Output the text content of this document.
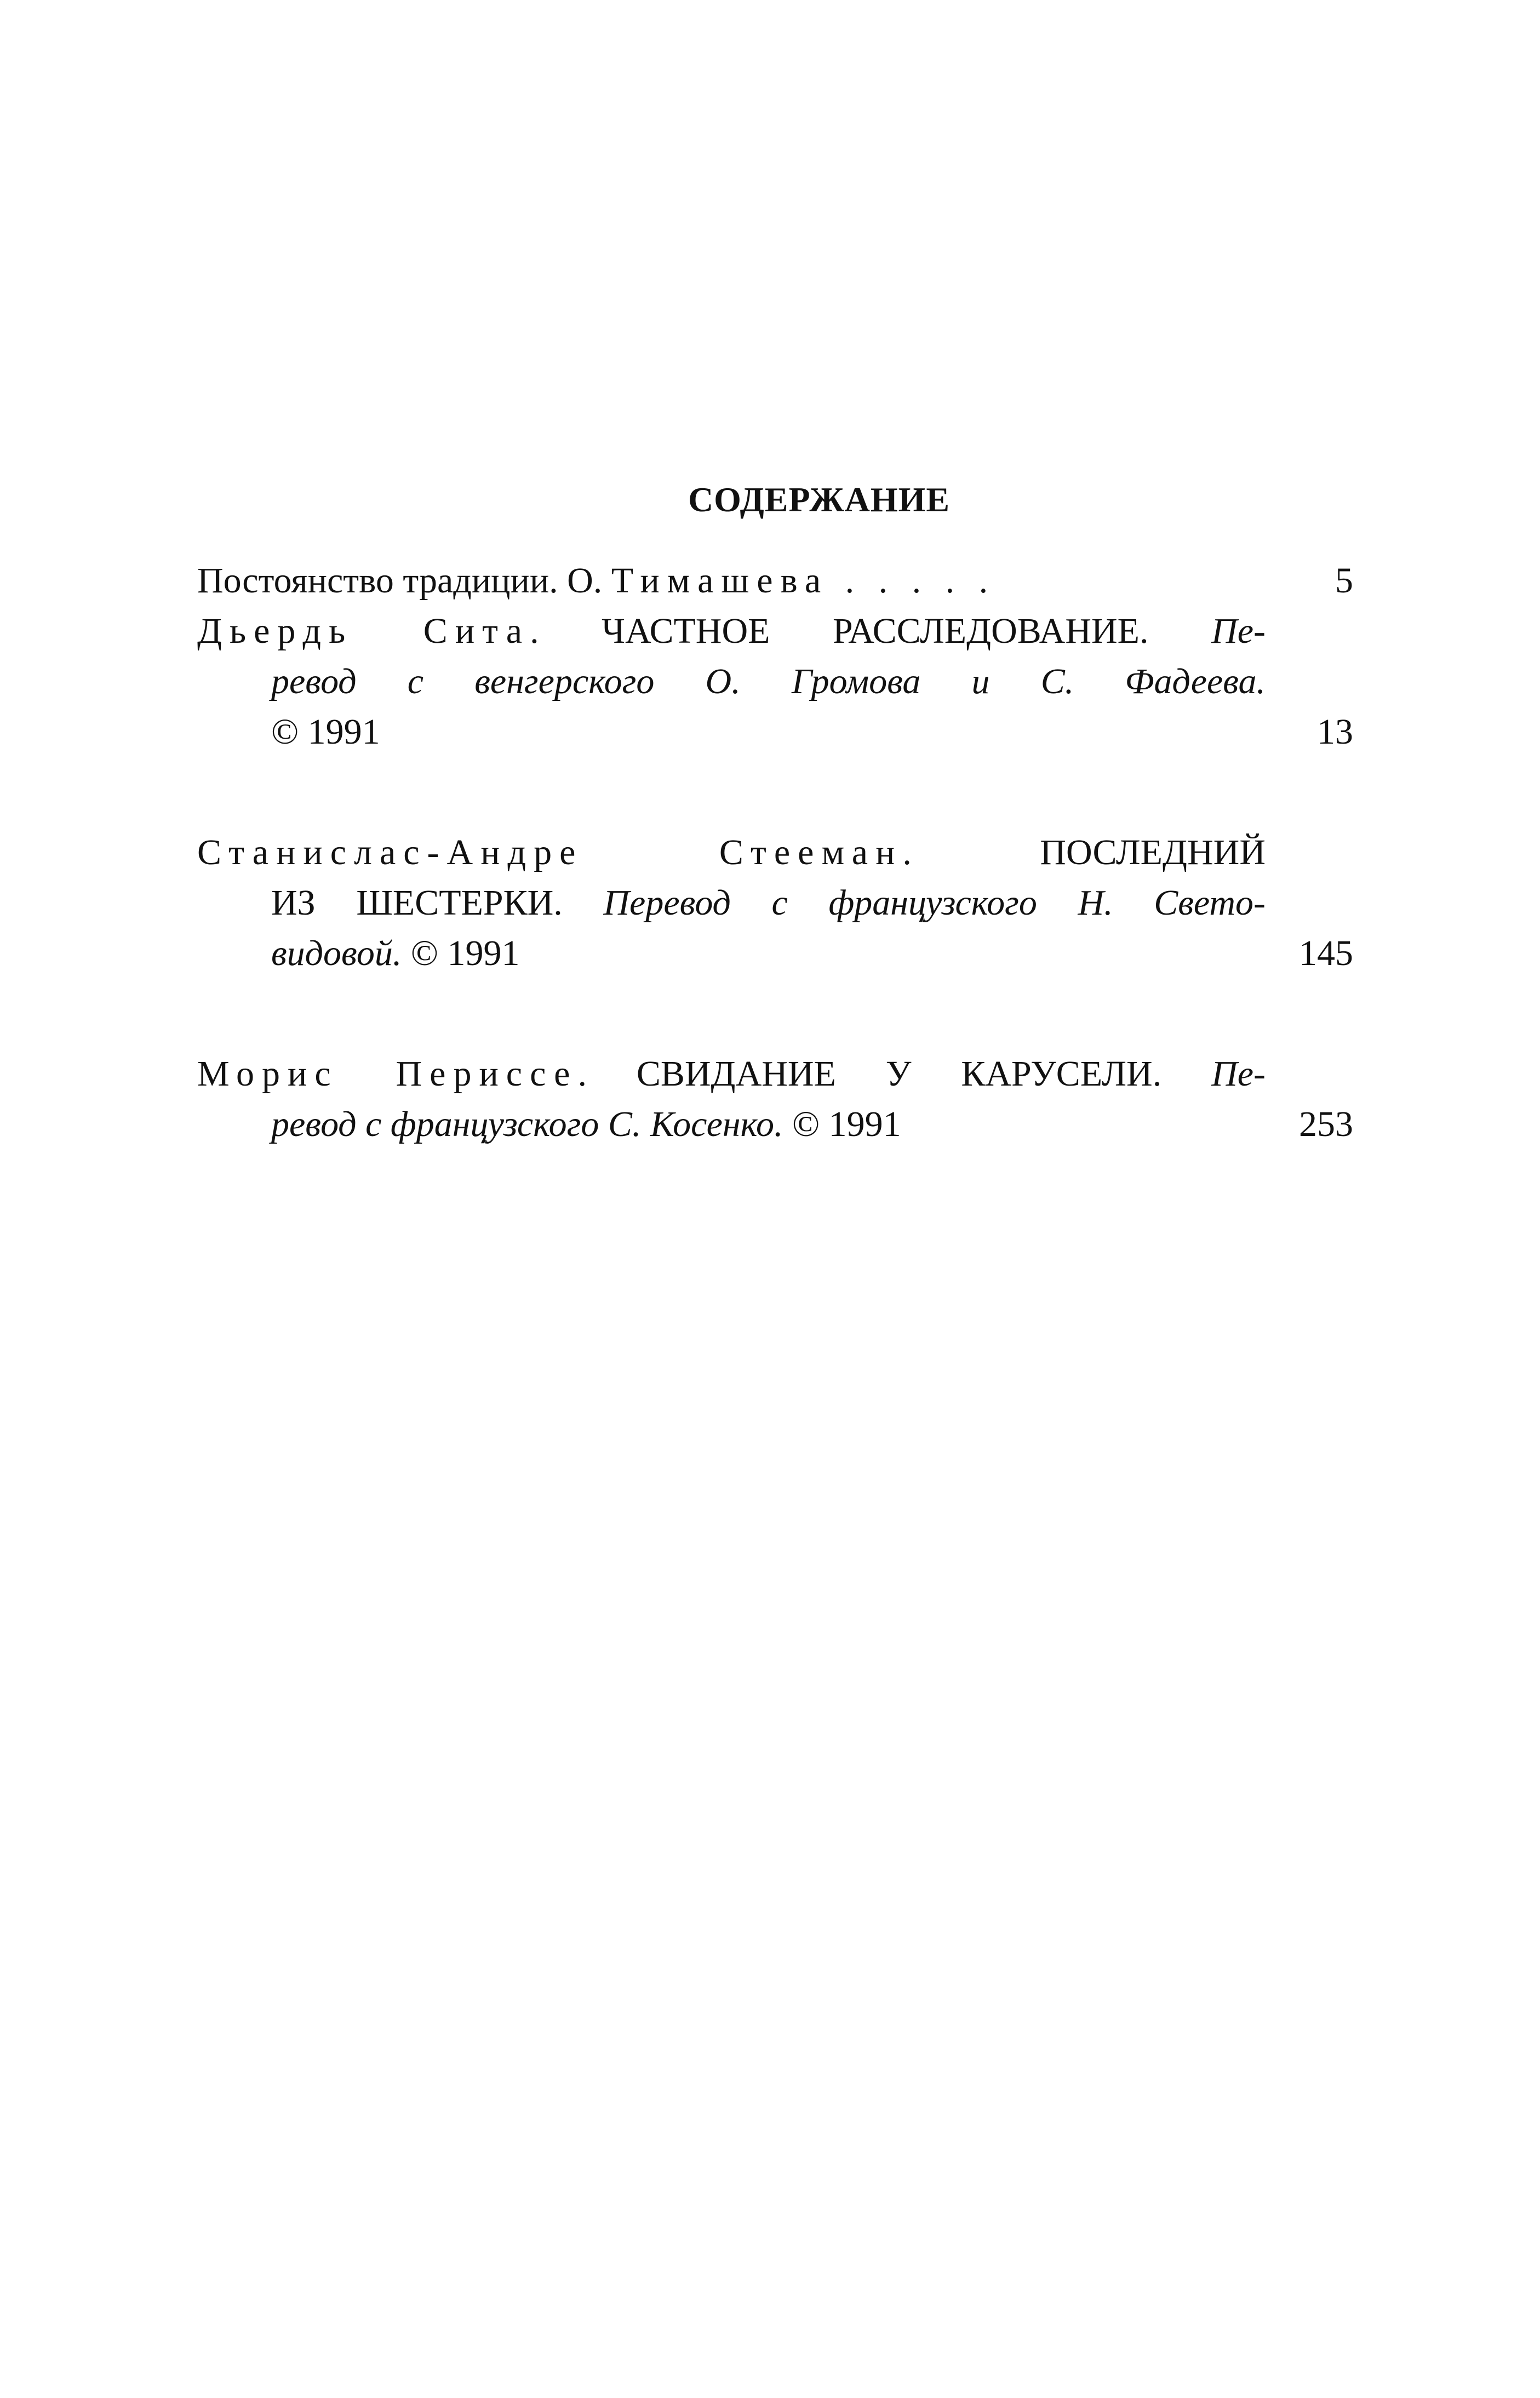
СОДЕРЖАНИЕ
Постоянство традиции. О. Тимашева . . . . .	5
Дьердь Сита. ЧАСТНОЕ РАССЛЕДОВАНИЕ. Пе-
ревод с венгерского О. Громова и С. Фадеева.
© 1991	13
Станислас-Андре Стееман. ПОСЛЕДНИЙ
ИЗ ШЕСТЕРКИ. Перевод с французского Н. Свето-
видовой. © 1991	145
Морис Периссе. СВИДАНИЕ У КАРУСЕЛИ. Пе-
ревод с французского С. Косенко. © 1991	253
